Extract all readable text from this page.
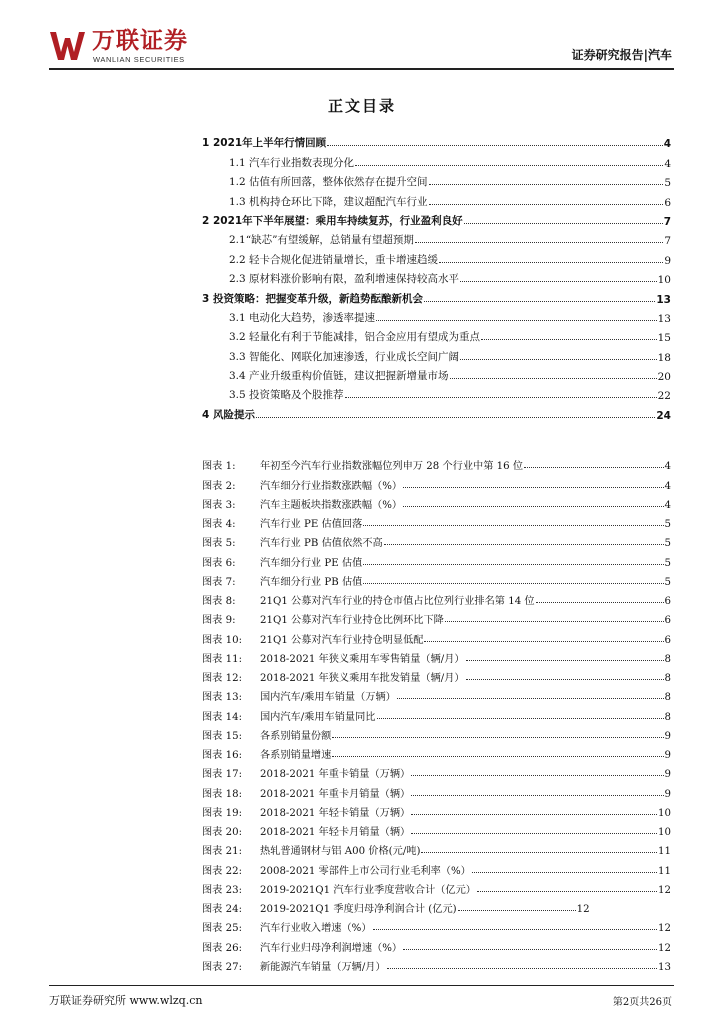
万联证券
WANLIAN SECURITIES	证券研究报告|汽车
正文目录
1 2021年上半年行情回顾	4
1.1 汽车行业指数表现分化	4
1.2 估值有所回落，整体依然存在提升空间	5
1.3 机构持仓环比下降，建议超配汽车行业	6
2 2021年下半年展望：乘用车持续复苏，行业盈利良好	7
2.1“缺芯”有望缓解，总销量有望超预期	7
2.2 轻卡合规化促进销量增长，重卡增速趋缓	9
2.3 原材料涨价影响有限，盈利增速保持较高水平	10
3 投资策略：把握变革升级，新趋势酝酿新机会	13
3.1 电动化大趋势，渗透率提速	13
3.2 轻量化有利于节能减排，铝合金应用有望成为重点	15
3.3 智能化、网联化加速渗透，行业成长空间广阔	18
3.4 产业升级重构价值链，建议把握新增量市场	20
3.5 投资策略及个股推荐	22
4 风险提示	24
图表 1:	年初至今汽车行业指数涨幅位列申万 28 个行业中第 16 位	4
图表 2:	汽车细分行业指数涨跌幅（%）	4
图表 3:	汽车主题板块指数涨跌幅（%）	4
图表 4:	汽车行业 PE 估值回落	5
图表 5:	汽车行业 PB 估值依然不高	5
图表 6:	汽车细分行业 PE 估值	5
图表 7:	汽车细分行业 PB 估值	5
图表 8:	21Q1 公募对汽车行业的持仓市值占比位列行业排名第 14 位	6
图表 9:	21Q1 公募对汽车行业持仓比例环比下降	6
图表 10:	21Q1 公募对汽车行业持仓明显低配	6
图表 11:	2018-2021 年狭义乘用车零售销量（辆/月）	8
图表 12:	2018-2021 年狭义乘用车批发销量（辆/月）	8
图表 13:	国内汽车/乘用车销量（万辆）	8
图表 14:	国内汽车/乘用车销量同比	8
图表 15:	各系别销量份额	9
图表 16:	各系别销量增速	9
图表 17:	2018-2021 年重卡销量（万辆）	9
图表 18:	2018-2021 年重卡月销量（辆）	9
图表 19:	2018-2021 年轻卡销量（万辆）	10
图表 20:	2018-2021 年轻卡月销量（辆）	10
图表 21:	热轧普通钢材与铝 A00 价格(元/吨)	11
图表 22:	2008-2021 零部件上市公司行业毛利率（%）	11
图表 23:	2019-2021Q1 汽车行业季度营收合计（亿元）	12
图表 24:	2019-2021Q1 季度归母净利润合计 (亿元)	12
图表 25:	汽车行业收入增速（%）	12
图表 26:	汽车行业归母净利润增速（%）	12
图表 27:	新能源汽车销量（万辆/月）	13
万联证券研究所 www.wlzq.cn	第2页共26页
